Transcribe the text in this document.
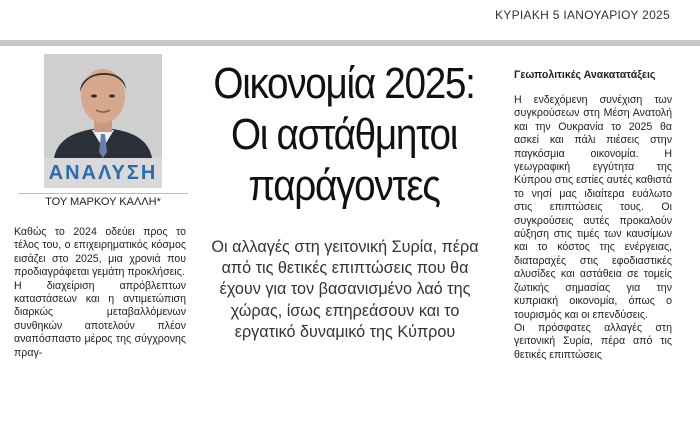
ΚΥΡΙΑΚΗ 5 ΙΑΝΟΥΑΡΙΟΥ 2025
ΑΝΑΛΥΣΗ
ΤΟΥ ΜΑΡΚΟΥ ΚΑΛΛΗ*

Καθώς το 2024 οδεύει προς το τέλος του, ο επιχειρηματικός κόσμος εισάζει στο 2025, μια χρονιά που προδιαγράφεται γεμάτη προκλήσεις.

Η διαχείριση απρόβλεπτων καταστάσεων και η αντιμετώπιση διαρκώς μεταβαλλόμενων συνθηκών αποτελούν πλέον αναπόσπαστο μέρος της σύγχρονης πραγ-

Οικονομία 2025: Οι αστάθμητοι παράγοντες
Οι αλλαγές στη γειτονική Συρία, πέρα από τις θετικές επιπτώσεις που θα έχουν για τον βασανισμένο λαό της χώρας, ίσως επηρεάσουν και το εργατικό δυναμικό της Κύπρου
Γεωπολιτικές Ανακατατάξεις

Η ενδεχόμενη συνέχιση των συγκρούσεων στη Μέση Ανατολή και την Ουκρανία το 2025 θα ασκεί και πάλι πιέσεις στην παγκόσμια οικονομία. Η γεωγραφική εγγύτητα της Κύπρου στις εστίες αυτές καθιστά το νησί μας ιδιαίτερα ευάλωτο στις επιπτώσεις τους. Οι συγκρούσεις αυτές προκαλούν αύξηση στις τιμές των καυσίμων και το κόστος της ενέργειας, διαταραχές στις εφοδιαστικές αλυσίδες και αστάθεια σε τομείς ζωτικής σημασίας για την κυπριακή οικονομία, όπως ο τουρισμός και οι επενδύσεις.

Οι πρόσφατες αλλαγές στη γειτονική Συρία, πέρα από τις θετικές επιπτώσεις
